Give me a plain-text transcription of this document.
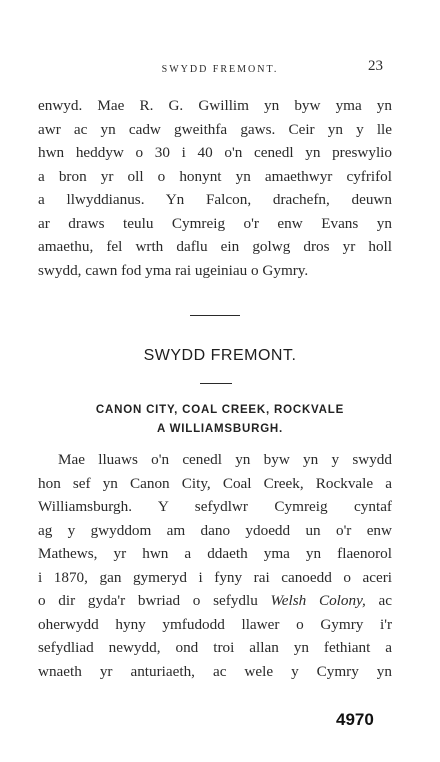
SWYDD FREMONT.	23
enwyd. Mae R. G. Gwillim yn byw yma yn
awr ac yn cadw gweithfa gaws. Ceir yn y lle
hwn heddyw o 30 i 40 o'n cenedl yn preswylio
a bron yr oll o honynt yn amaethwyr cyfrifol
a llwyddianus. Yn Falcon, drachefn, deuwn
ar draws teulu Cymreig o'r enw Evans yn
amaethu, fel wrth daflu ein golwg dros yr holl
swydd, cawn fod yma rai ugeiniau o Gymry.
SWYDD FREMONT.
CANON CITY, COAL CREEK, ROCKVALE
A WILLIAMSBURGH.
Mae lluaws o'n cenedl yn byw yn y swydd
hon sef yn Canon City, Coal Creek, Rockvale a
Williamsburgh. Y sefydlwr Cymreig cyntaf
ag y gwyddom am dano ydoedd un o'r enw
Mathews, yr hwn a ddaeth yma yn flaenorol
i 1870, gan gymeryd i fyny rai canoedd o aceri
o dir gyda'r bwriad o sefydlu Welsh Colony, ac
oherwydd hyny ymfudodd llawer o Gymry i'r
sefydliad newydd, ond troi allan yn fethiant a
wnaeth yr anturiaeth, ac wele y Cymry yn
4970
